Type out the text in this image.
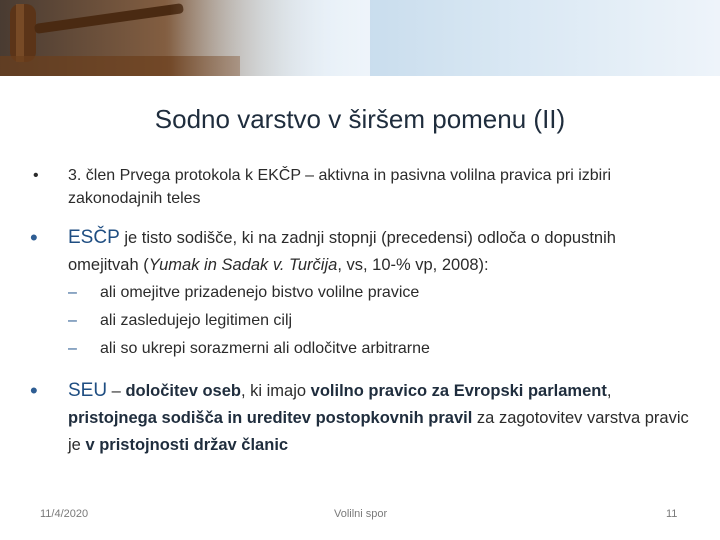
Sodno varstvo v širšem pomenu (II)
• 3. člen Prvega protokola k EKČP – aktivna in pasivna volilna pravica pri izbiri zakonodajnih teles
• ESČP je tisto sodišče, ki na zadnji stopnji (precedensi) odloča o dopustnih omejitvah (Yumak in Sadak v. Turčija, vs, 10-% vp, 2008):
– ali omejitve prizadenejo bistvo volilne pravice
– ali zasledujejo legitimen cilj
– ali so ukrepi sorazmerni ali odločitve arbitrarne
• SEU – določitev oseb, ki imajo volilno pravico za Evropski parlament, pristojnega sodišča in ureditev postopkovnih pravil za zagotovitev varstva pravic je v pristojnosti držav članic
11/4/2020	Volilni spor	11
